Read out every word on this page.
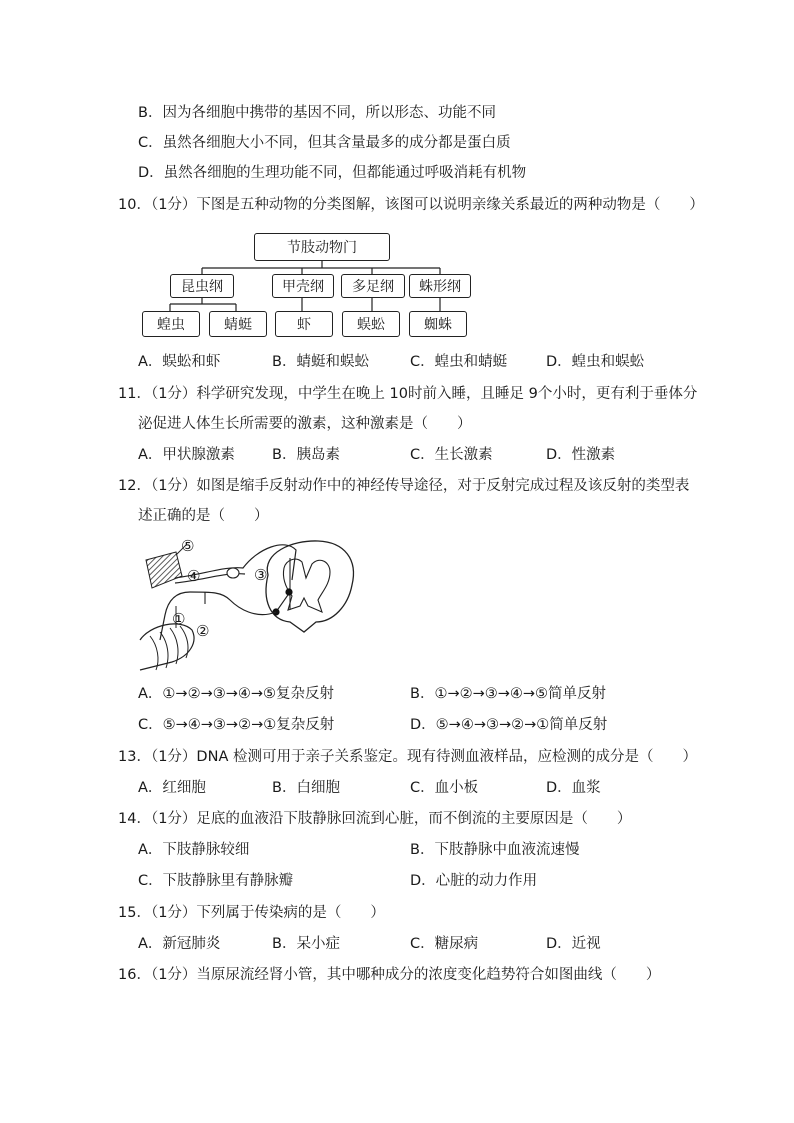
B．因为各细胞中携带的基因不同，所以形态、功能不同
C．虽然各细胞大小不同，但其含量最多的成分都是蛋白质
D．虽然各细胞的生理功能不同，但都能通过呼吸消耗有机物
10．（1分）下图是五种动物的分类图解，该图可以说明亲缘关系最近的两种动物是（　　）
节肢动物门
昆虫纲	甲壳纲	多足纲	蛛形纲
蝗虫	蜻蜓	虾	蜈蚣	蜘蛛
A．蜈蚣和虾	B．蜻蜓和蜈蚣	C．蝗虫和蜻蜓	D．蝗虫和蜈蚣
11．（1分）科学研究发现，中学生在晚上 10时前入睡，且睡足 9个小时，更有利于垂体分
泌促进人体生长所需要的激素，这种激素是（　　）
A．甲状腺激素	B．胰岛素	C．生长激素	D．性激素
12．（1分）如图是缩手反射动作中的神经传导途径，对于反射完成过程及该反射的类型表
述正确的是（　　）
⑤
④	③
①
②
A．①→②→③→④→⑤复杂反射	B．①→②→③→④→⑤简单反射
C．⑤→④→③→②→①复杂反射	D．⑤→④→③→②→①简单反射
13．（1分）DNA 检测可用于亲子关系鉴定。现有待测血液样品，应检测的成分是（　　）
A．红细胞	B．白细胞	C．血小板	D．血浆
14．（1分）足底的血液沿下肢静脉回流到心脏，而不倒流的主要原因是（　　）
A．下肢静脉较细	B．下肢静脉中血液流速慢
C．下肢静脉里有静脉瓣	D．心脏的动力作用
15．（1分）下列属于传染病的是（　　）
A．新冠肺炎	B．呆小症	C．糖尿病	D．近视
16．（1分）当原尿流经肾小管，其中哪种成分的浓度变化趋势符合如图曲线（　　）
